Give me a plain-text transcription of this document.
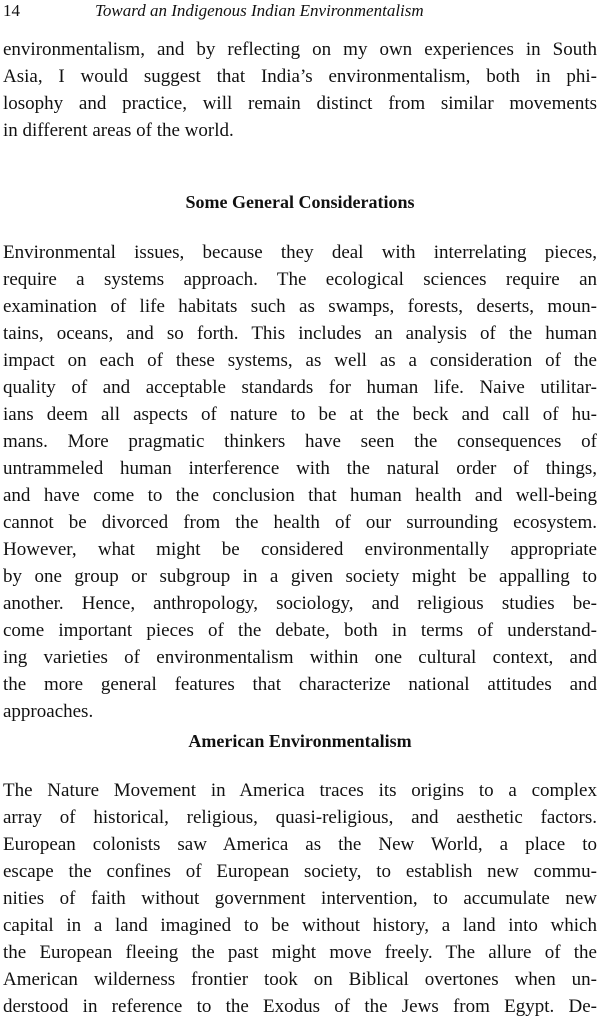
14	Toward an Indigenous Indian Environmentalism
environmentalism, and by reflecting on my own experiences in South
Asia, I would suggest that India’s environmentalism, both in phi-
losophy and practice, will remain distinct from similar movements
in different areas of the world.
Some General Considerations
Environmental issues, because they deal with interrelating pieces,
require a systems approach. The ecological sciences require an
examination of life habitats such as swamps, forests, deserts, moun-
tains, oceans, and so forth. This includes an analysis of the human
impact on each of these systems, as well as a consideration of the
quality of and acceptable standards for human life. Naive utilitar-
ians deem all aspects of nature to be at the beck and call of hu-
mans. More pragmatic thinkers have seen the consequences of
untrammeled human interference with the natural order of things,
and have come to the conclusion that human health and well-being
cannot be divorced from the health of our surrounding ecosystem.
However, what might be considered environmentally appropriate
by one group or subgroup in a given society might be appalling to
another. Hence, anthropology, sociology, and religious studies be-
come important pieces of the debate, both in terms of understand-
ing varieties of environmentalism within one cultural context, and
the more general features that characterize national attitudes and
approaches.
American Environmentalism
The Nature Movement in America traces its origins to a complex
array of historical, religious, quasi-religious, and aesthetic factors.
European colonists saw America as the New World, a place to
escape the confines of European society, to establish new commu-
nities of faith without government intervention, to accumulate new
capital in a land imagined to be without history, a land into which
the European fleeing the past might move freely. The allure of the
American wilderness frontier took on Biblical overtones when un-
derstood in reference to the Exodus of the Jews from Egypt. De-
